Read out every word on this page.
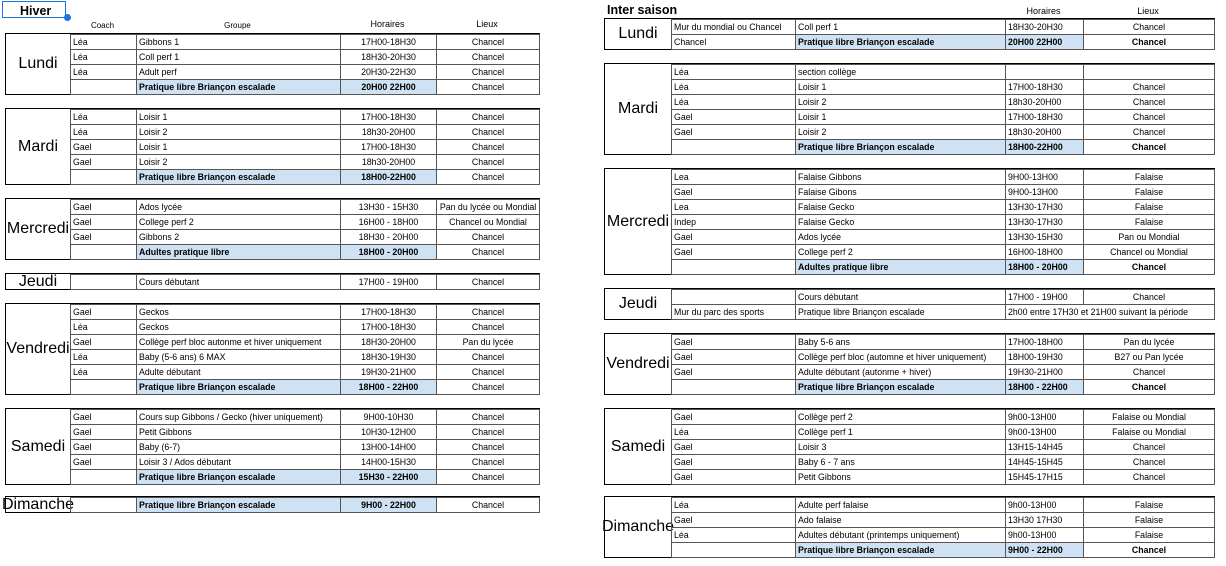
Hiver
Coach	Groupe	Horaires	Lieux
Inter saison	Horaires	Lieux
Lundi
Léa	Gibbons 1	17H00-18H30	Chancel
Léa	Coll perf 1	18H30-20H30	Chancel
Léa	Adult perf	20H30-22H30	Chancel
	Pratique libre Briançon escalade	20H00 22H00	Chancel
Mardi
Léa	Loisir 1	17H00-18H30	Chancel
Léa	Loisir 2	18h30-20H00	Chancel
Gael	Loisir 1	17H00-18H30	Chancel
Gael	Loisir 2	18h30-20H00	Chancel
	Pratique libre Briançon escalade	18H00-22H00	Chancel
Mercredi
Gael	Ados lycée	13H30 - 15H30	Pan du lycée ou Mondial
Gael	College perf 2	16H00 - 18H00	Chancel ou Mondial
Gael	Gibbons 2	18H30 - 20H00	Chancel
	Adultes pratique libre	18H00 - 20H00	Chancel
Jeudi
		Cours débutant	17H00 - 19H00	Chancel
Vendredi
Gael	Geckos	17H00-18H30	Chancel
Léa	Geckos	17H00-18H30	Chancel
Gael	Collège perf bloc autonme et hiver uniquement	18H30-20H00	Pan du lycée
Léa	Baby (5-6 ans) 6 MAX	18H30-19H30	Chancel
Léa	Adulte débutant	19H30-21H00	Chancel
	Pratique libre Briançon escalade	18H00 - 22H00	Chancel
Samedi
Gael	Cours sup Gibbons / Gecko (hiver uniquement)	9H00-10H30	Chancel
Gael	Petit Gibbons	10H30-12H00	Chancel
Gael	Baby (6-7)	13H00-14H00	Chancel
Gael	Loisir 3 / Ados débutant	14H00-15H30	Chancel
	Pratique libre Briançon escalade	15H30 - 22H00	Chancel
Dimanche
		Pratique libre Briançon escalade	9H00 - 22H00	Chancel
Lundi	Mur du mondial ou Chancel	Coll perf 1	18H30-20H30	Chancel
Chancel	Pratique libre Briançon escalade	20H00 22H00	Chancel
Mardi
Léa	section collège		
Léa	Loisir 1	17H00-18H30	Chancel
Léa	Loisir 2	18h30-20H00	Chancel
Gael	Loisir 1	17H00-18H30	Chancel
Gael	Loisir 2	18h30-20H00	Chancel
	Pratique libre Briançon escalade	18H00-22H00	Chancel
Mercredi
Lea	Falaise Gibbons	9H00-13H00	Falaise
Gael	Falaise Gibons	9H00-13H00	Falaise
Lea	Falaise Gecko	13H30-17H30	Falaise
Indep	Falaise Gecko	13H30-17H30	Falaise
Gael	Ados lycée	13H30-15H30	Pan ou Mondial
Gael	College perf 2	16H00-18H00	Chancel ou Mondial
	Adultes pratique libre	18H00 - 20H00	Chancel
Jeudi
		Cours débutant	17H00 - 19H00	Chancel
Mur du parc des sports	Pratique libre Briançon escalade	2h00 entre 17H30 et 21H00 suivant la période	
Vendredi
Gael	Baby 5-6 ans	17H00-18H00	Pan du lycée
Gael	Collège perf bloc (automne et hiver uniquement)	18H00-19H30	B27 ou Pan lycée
Gael	Adulte débutant (autonme + hiver)	19H30-21H00	Chancel
	Pratique libre Briançon escalade	18H00 - 22H00	Chancel
Samedi
Gael	Collège perf 2	9h00-13H00	Falaise ou Mondial
Léa	Collège perf 1	9h00-13H00	Falaise ou Mondial
Gael	Loisir 3	13H15-14H45	Chancel
Gael	Baby 6 - 7 ans	14H45-15H45	Chancel
Gael	Petit Gibbons	15H45-17H15	Chancel
Dimanche
Léa	Adulte perf falaise	9h00-13H00	Falaise
Gael	Ado falaise	13H30 17H30	Falaise
Léa	Adultes débutant (printemps uniquement)	9h00-13H00	Falaise
	Pratique libre Briançon escalade	9H00 - 22H00	Chancel
